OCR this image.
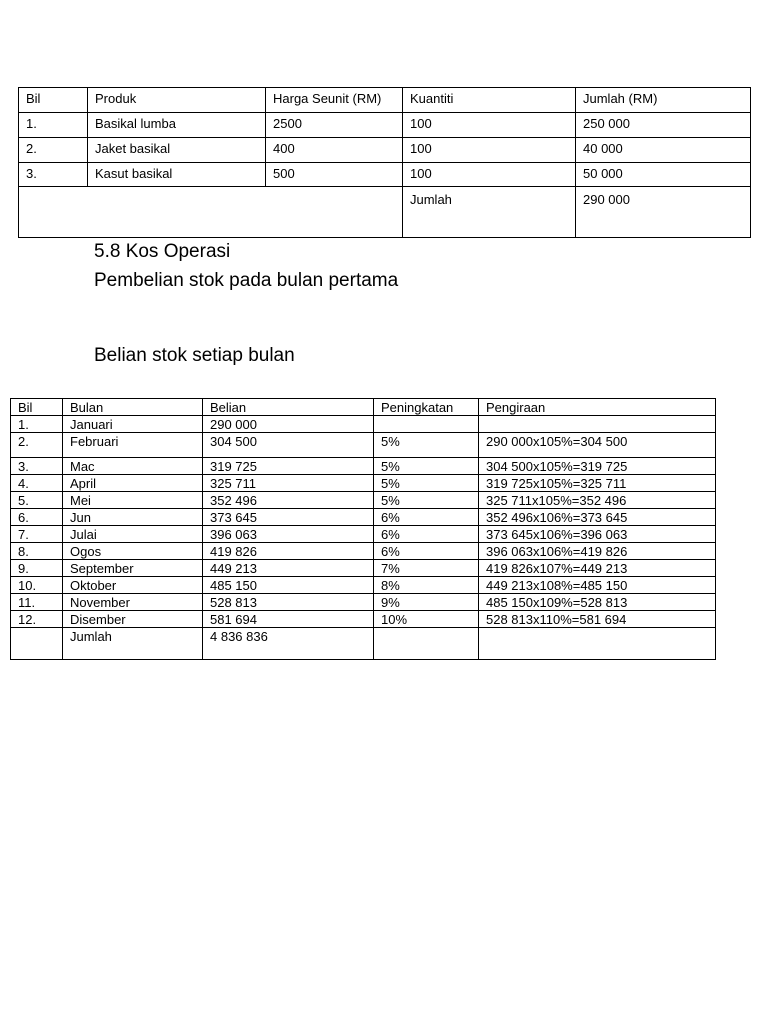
Bil	Produk	Harga Seunit (RM)	Kuantiti	Jumlah (RM)
1.	Basikal lumba	2500	100	250 000
2.	Jaket basikal	400	100	40 000
3.	Kasut basikal	500	100	50 000
			Jumlah	290 000

5.8 Kos Operasi

Pembelian stok pada bulan pertama

Belian stok setiap bulan

Bil	Bulan	Belian	Peningkatan	Pengiraan
1.	Januari	290 000		
2.	Februari	304 500	5%	290 000x105%=304 500
3.	Mac	319 725	5%	304 500x105%=319 725
4.	April	325 711	5%	319 725x105%=325 711
5.	Mei	352 496	5%	325 711x105%=352 496
6.	Jun	373 645	6%	352 496x106%=373 645
7.	Julai	396 063	6%	373 645x106%=396 063
8.	Ogos	419 826	6%	396 063x106%=419 826
9.	September	449 213	7%	419 826x107%=449 213
10.	Oktober	485 150	8%	449 213x108%=485 150
11.	November	528 813	9%	485 150x109%=528 813
12.	Disember	581 694	10%	528 813x110%=581 694
	Jumlah	4 836 836		
